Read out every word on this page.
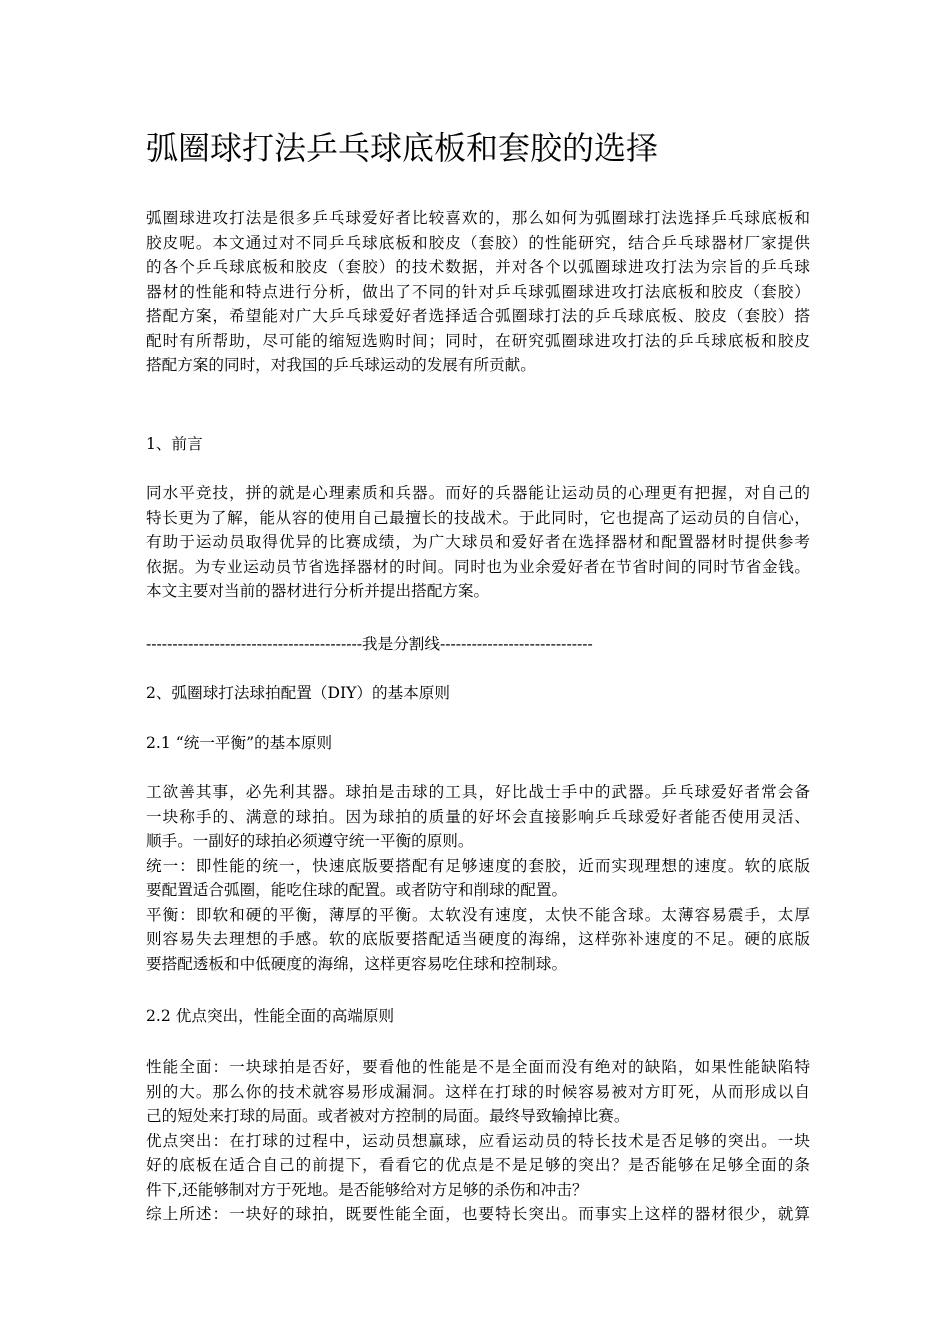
弧圈球打法乒乓球底板和套胶的选择
弧圈球进攻打法是很多乒乓球爱好者比较喜欢的，那么如何为弧圈球打法选择乒乓球底板和
胶皮呢。本文通过对不同乒乓球底板和胶皮（套胶）的性能研究，结合乒乓球器材厂家提供
的各个乒乓球底板和胶皮（套胶）的技术数据，并对各个以弧圈球进攻打法为宗旨的乒乓球
器材的性能和特点进行分析，做出了不同的针对乒乓球弧圈球进攻打法底板和胶皮（套胶）
搭配方案，希望能对广大乒乓球爱好者选择适合弧圈球打法的乒乓球底板、胶皮（套胶）搭
配时有所帮助，尽可能的缩短选购时间；同时，在研究弧圈球进攻打法的乒乓球底板和胶皮
搭配方案的同时，对我国的乒乓球运动的发展有所贡献。
1、前言
同水平竞技，拼的就是心理素质和兵器。而好的兵器能让运动员的心理更有把握，对自己的
特长更为了解，能从容的使用自己最擅长的技战术。于此同时，它也提高了运动员的自信心，
有助于运动员取得优异的比赛成绩，为广大球员和爱好者在选择器材和配置器材时提供参考
依据。为专业运动员节省选择器材的时间。同时也为业余爱好者在节省时间的同时节省金钱。
本文主要对当前的器材进行分析并提出搭配方案。
-----------------------------------------我是分割线-----------------------------
2、弧圈球打法球拍配置（DIY）的基本原则
2.1 “统一平衡”的基本原则
工欲善其事，必先利其器。球拍是击球的工具，好比战士手中的武器。乒乓球爱好者常会备
一块称手的、满意的球拍。因为球拍的质量的好坏会直接影响乒乓球爱好者能否使用灵活、
顺手。一副好的球拍必须遵守统一平衡的原则。
统一：即性能的统一，快速底版要搭配有足够速度的套胶，近而实现理想的速度。软的底版
要配置适合弧圈，能吃住球的配置。或者防守和削球的配置。
平衡：即软和硬的平衡，薄厚的平衡。太软没有速度，太快不能含球。太薄容易震手，太厚
则容易失去理想的手感。软的底版要搭配适当硬度的海绵，这样弥补速度的不足。硬的底版
要搭配透板和中低硬度的海绵，这样更容易吃住球和控制球。
2.2 优点突出，性能全面的高端原则
性能全面：一块球拍是否好，要看他的性能是不是全面而没有绝对的缺陷，如果性能缺陷特
别的大。那么你的技术就容易形成漏洞。这样在打球的时候容易被对方盯死，从而形成以自
己的短处来打球的局面。或者被对方控制的局面。最终导致输掉比赛。
优点突出：在打球的过程中，运动员想赢球，应看运动员的特长技术是否足够的突出。一块
好的底板在适合自己的前提下，看看它的优点是不是足够的突出？是否能够在足够全面的条
件下,还能够制对方于死地。是否能够给对方足够的杀伤和冲击？
综上所述：一块好的球拍，既要性能全面，也要特长突出。而事实上这样的器材很少，就算
